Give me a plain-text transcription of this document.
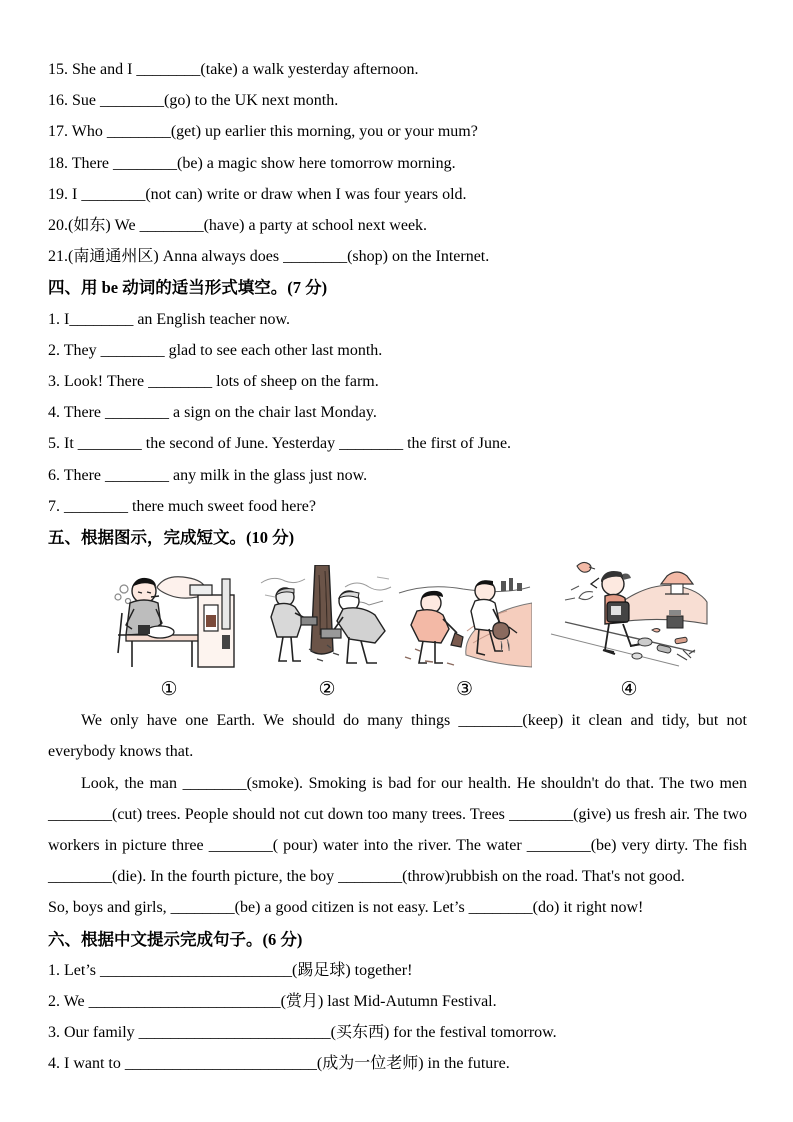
15. She and I ________(take) a walk yesterday afternoon.
16. Sue ________(go) to the UK next month.
17. Who ________(get) up earlier this morning, you or your mum?
18. There ________(be) a magic show here tomorrow morning.
19. I ________(not can) write or draw when I was four years old.
20.(如东) We ________(have) a party at school next week.
21.(南通通州区) Anna always does ________(shop) on the Internet.
四、用 be 动词的适当形式填空。(7 分)
1. I________ an English teacher now.
2. They ________ glad to see each other last month.
3. Look! There ________ lots of sheep on the farm.
4. There ________ a sign on the chair last Monday.
5. It ________ the second of June. Yesterday ________ the first of June.
6. There ________ any milk in the glass just now.
7. ________ there much sweet food here?
五、根据图示，完成短文。(10 分)
①	②	③	④

We only have one Earth. We should do many things ________(keep) it clean and tidy, but not everybody knows that.

Look, the man ________(smoke). Smoking is bad for our health. He shouldn't do that. The two men ________(cut) trees. People should not cut down too many trees. Trees ________(give) us fresh air. The two workers in picture three ________( pour) water into the river. The water ________(be) very dirty. The fish ________(die). In the fourth picture, the boy ________(throw)rubbish on the road. That's not good.

So, boys and girls, ________(be) a good citizen is not easy. Let’s ________(do) it right now!

六、根据中文提示完成句子。(6 分)
1. Let’s ________________________(踢足球) together!
2. We ________________________(赏月) last Mid-Autumn Festival.
3. Our family ________________________(买东西) for the festival tomorrow.
4. I want to ________________________(成为一位老师) in the future.
